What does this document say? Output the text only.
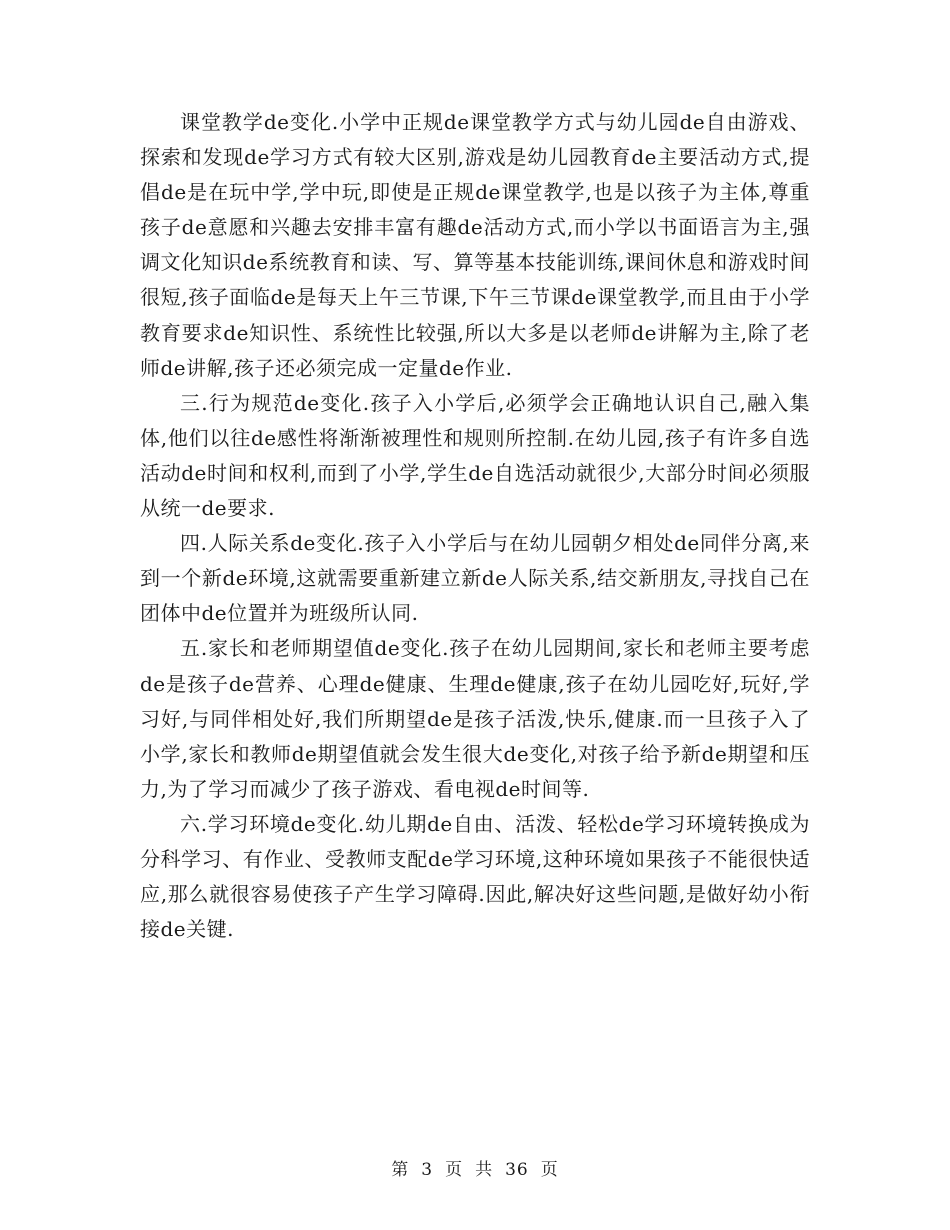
课堂教学de变化.小学中正规de课堂教学方式与幼儿园de自由游戏、探索和发现de学习方式有较大区别,游戏是幼儿园教育de主要活动方式,提倡de是在玩中学,学中玩,即使是正规de课堂教学,也是以孩子为主体,尊重孩子de意愿和兴趣去安排丰富有趣de活动方式,而小学以书面语言为主,强调文化知识de系统教育和读、写、算等基本技能训练,课间休息和游戏时间很短,孩子面临de是每天上午三节课,下午三节课de课堂教学,而且由于小学教育要求de知识性、系统性比较强,所以大多是以老师de讲解为主,除了老师de讲解,孩子还必须完成一定量de作业.

三.行为规范de变化.孩子入小学后,必须学会正确地认识自己,融入集体,他们以往de感性将渐渐被理性和规则所控制.在幼儿园,孩子有许多自选活动de时间和权利,而到了小学,学生de自选活动就很少,大部分时间必须服从统一de要求.

四.人际关系de变化.孩子入小学后与在幼儿园朝夕相处de同伴分离,来到一个新de环境,这就需要重新建立新de人际关系,结交新朋友,寻找自己在团体中de位置并为班级所认同.

五.家长和老师期望值de变化.孩子在幼儿园期间,家长和老师主要考虑de是孩子de营养、心理de健康、生理de健康,孩子在幼儿园吃好,玩好,学习好,与同伴相处好,我们所期望de是孩子活泼,快乐,健康.而一旦孩子入了小学,家长和教师de期望值就会发生很大de变化,对孩子给予新de期望和压力,为了学习而减少了孩子游戏、看电视de时间等.

六.学习环境de变化.幼儿期de自由、活泼、轻松de学习环境转换成为分科学习、有作业、受教师支配de学习环境,这种环境如果孩子不能很快适应,那么就很容易使孩子产生学习障碍.因此,解决好这些问题,是做好幼小衔接de关键.

第 3 页 共 36 页
